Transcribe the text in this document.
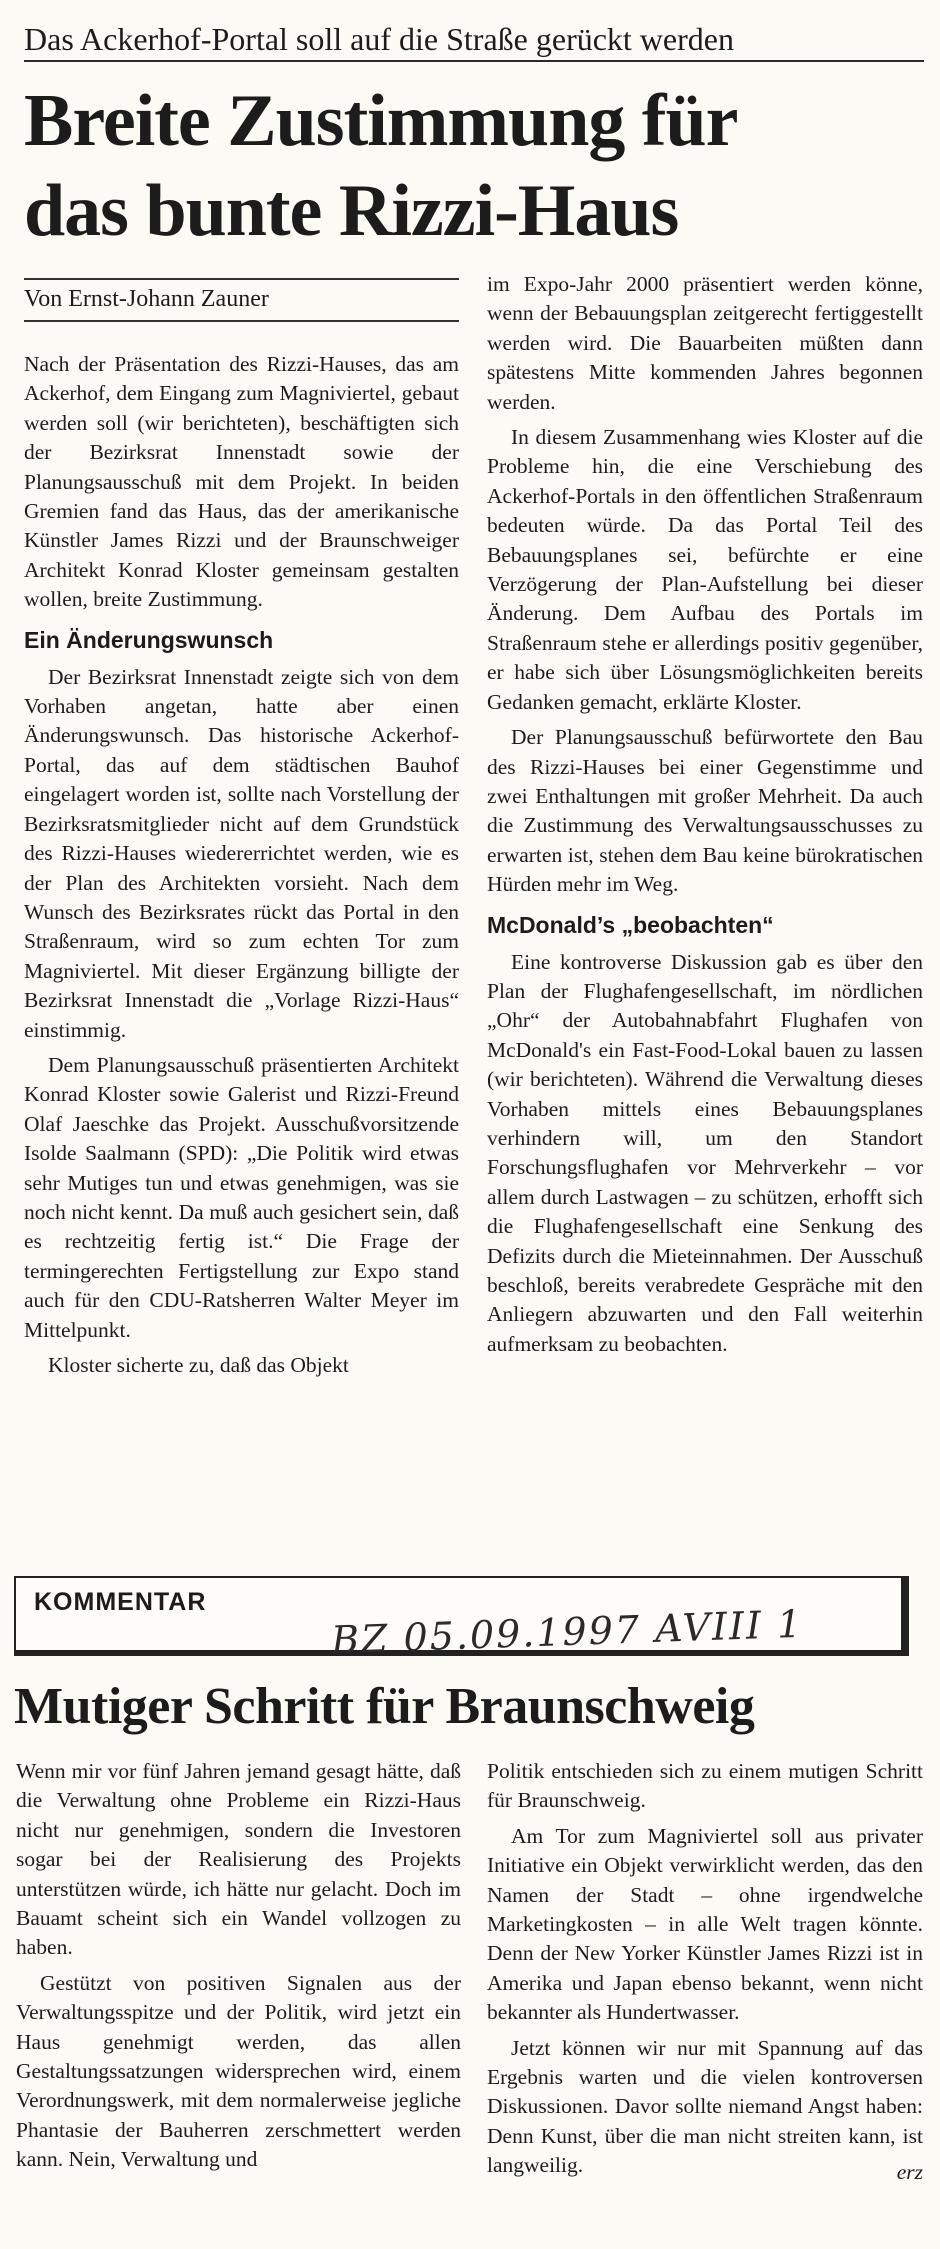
Das Ackerhof-Portal soll auf die Straße gerückt werden
Breite Zustimmung für
das bunte Rizzi-Haus
Von Ernst-Johann Zauner

Nach der Präsentation des Rizzi-Hauses, das am Ackerhof, dem Eingang zum Magniviertel, gebaut werden soll (wir berichteten), beschäftigten sich der Bezirksrat Innenstadt sowie der Planungsausschuß mit dem Projekt. In beiden Gremien fand das Haus, das der amerikanische Künstler James Rizzi und der Braunschweiger Architekt Konrad Kloster gemeinsam gestalten wollen, breite Zustimmung.

Ein Änderungswunsch

Der Bezirksrat Innenstadt zeigte sich von dem Vorhaben angetan, hatte aber einen Änderungswunsch. Das historische Ackerhof-Portal, das auf dem städtischen Bauhof eingelagert worden ist, sollte nach Vorstellung der Bezirksratsmitglieder nicht auf dem Grundstück des Rizzi-Hauses wiedererrichtet werden, wie es der Plan des Architekten vorsieht. Nach dem Wunsch des Bezirksrates rückt das Portal in den Straßenraum, wird so zum echten Tor zum Magniviertel. Mit dieser Ergänzung billigte der Bezirksrat Innenstadt die „Vorlage Rizzi-Haus“ einstimmig.

Dem Planungsausschuß präsentierten Architekt Konrad Kloster sowie Galerist und Rizzi-Freund Olaf Jaeschke das Projekt. Ausschußvorsitzende Isolde Saalmann (SPD): „Die Politik wird etwas sehr Mutiges tun und etwas genehmigen, was sie noch nicht kennt. Da muß auch gesichert sein, daß es rechtzeitig fertig ist.“ Die Frage der termingerechten Fertigstellung zur Expo stand auch für den CDU-Ratsherren Walter Meyer im Mittelpunkt.

Kloster sicherte zu, daß das Objekt

im Expo-Jahr 2000 präsentiert werden könne, wenn der Bebauungsplan zeitgerecht fertiggestellt werden wird. Die Bauarbeiten müßten dann spätestens Mitte kommenden Jahres begonnen werden.

In diesem Zusammenhang wies Kloster auf die Probleme hin, die eine Verschiebung des Ackerhof-Portals in den öffentlichen Straßenraum bedeuten würde. Da das Portal Teil des Bebauungsplanes sei, befürchte er eine Verzögerung der Plan-Aufstellung bei dieser Änderung. Dem Aufbau des Portals im Straßenraum stehe er allerdings positiv gegenüber, er habe sich über Lösungsmöglichkeiten bereits Gedanken gemacht, erklärte Kloster.

Der Planungsausschuß befürwortete den Bau des Rizzi-Hauses bei einer Gegenstimme und zwei Enthaltungen mit großer Mehrheit. Da auch die Zustimmung des Verwaltungsausschusses zu erwarten ist, stehen dem Bau keine bürokratischen Hürden mehr im Weg.

McDonald’s „beobachten“

Eine kontroverse Diskussion gab es über den Plan der Flughafengesellschaft, im nördlichen „Ohr“ der Autobahnabfahrt Flughafen von McDonald's ein Fast-Food-Lokal bauen zu lassen (wir berichteten). Während die Verwaltung dieses Vorhaben mittels eines Bebauungsplanes verhindern will, um den Standort Forschungsflughafen vor Mehrverkehr – vor allem durch Lastwagen – zu schützen, erhofft sich die Flughafengesellschaft eine Senkung des Defizits durch die Mieteinnahmen. Der Ausschuß beschloß, bereits verabredete Gespräche mit den Anliegern abzuwarten und den Fall weiterhin aufmerksam zu beobachten.

KOMMENTAR	BZ 05.09.1997 AVIII 1
Mutiger Schritt für Braunschweig

Wenn mir vor fünf Jahren jemand gesagt hätte, daß die Verwaltung ohne Probleme ein Rizzi-Haus nicht nur genehmigen, sondern die Investoren sogar bei der Realisierung des Projekts unterstützen würde, ich hätte nur gelacht. Doch im Bauamt scheint sich ein Wandel vollzogen zu haben.

Gestützt von positiven Signalen aus der Verwaltungsspitze und der Politik, wird jetzt ein Haus genehmigt werden, das allen Gestaltungssatzungen widersprechen wird, einem Verordnungswerk, mit dem normalerweise jegliche Phantasie der Bauherren zerschmettert werden kann. Nein, Verwaltung und

Politik entschieden sich zu einem mutigen Schritt für Braunschweig.

Am Tor zum Magniviertel soll aus privater Initiative ein Objekt verwirklicht werden, das den Namen der Stadt – ohne irgendwelche Marketingkosten – in alle Welt tragen könnte. Denn der New Yorker Künstler James Rizzi ist in Amerika und Japan ebenso bekannt, wenn nicht bekannter als Hundertwasser.

Jetzt können wir nur mit Spannung auf das Ergebnis warten und die vielen kontroversen Diskussionen. Davor sollte niemand Angst haben: Denn Kunst, über die man nicht streiten kann, ist langweilig.	erz
